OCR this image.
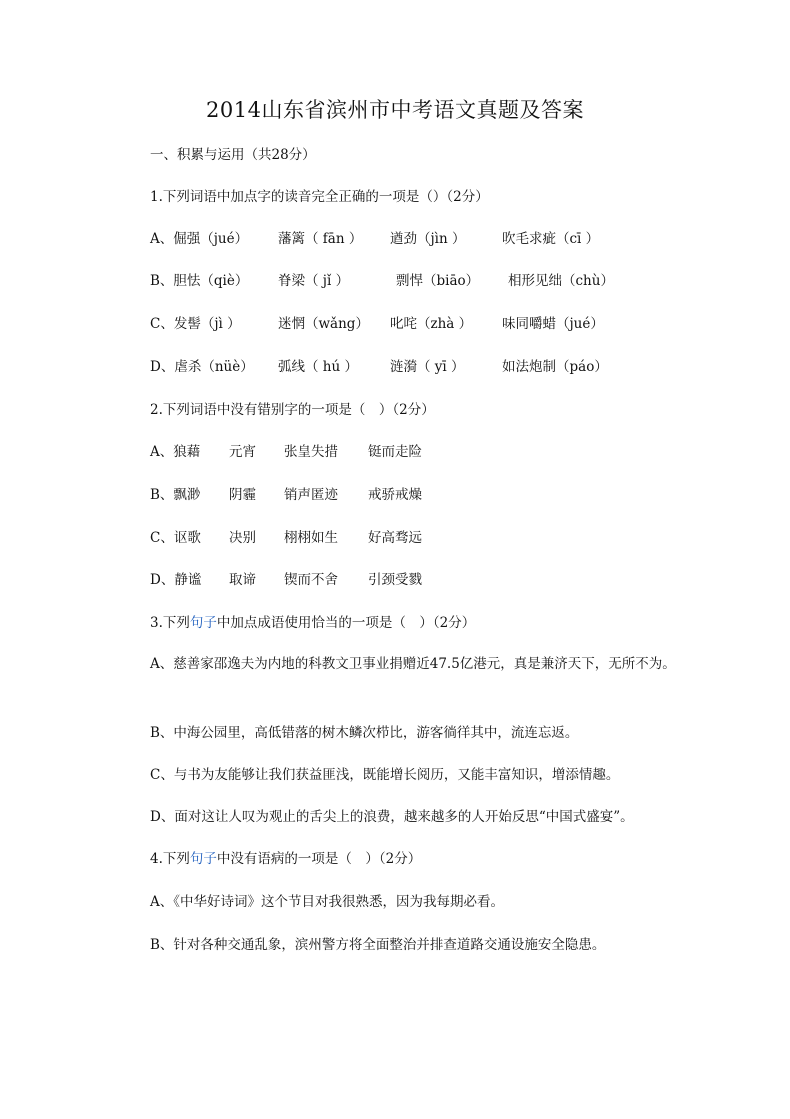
2014山东省滨州市中考语文真题及答案
一、积累与运用（共28分）
1.下列词语中加点字的读音完全正确的一项是（）（2分）
A、倔强（jué） 藩篱（ fān ） 遒劲（jìn ）	吹毛求疵（cī ）
B、胆怯（qiè） 脊梁（ jǐ ）	剽悍（biāo） 相形见绌（chù）
C、发髻（jì ）	迷惘（wǎng） 叱咤（zhà ） 味同嚼蜡（jué）
D、虐杀（nüè） 弧线（ hú ） 涟漪（ yī ）	如法炮制（páo）
2.下列词语中没有错别字的一项是（　）（2分）
A、狼藉 元宵 张皇失措 铤而走险
B、飘渺 阴霾 销声匿迹 戒骄戒燥
C、讴歌 决别 栩栩如生 好高骛远
D、静谧 取谛 锲而不舍 引颈受戮
3.下列句子中加点成语使用恰当的一项是（　）（2分）
A、慈善家邵逸夫为内地的科教文卫事业捐赠近47.5亿港元，真是兼济天下，无所不为。
B、中海公园里，高低错落的树木鳞次栉比，游客徜徉其中，流连忘返。
C、与书为友能够让我们获益匪浅，既能增长阅历，又能丰富知识，增添情趣。
D、面对这让人叹为观止的舌尖上的浪费，越来越多的人开始反思“中国式盛宴”。
4.下列句子中没有语病的一项是（　）（2分）
A、《中华好诗词》这个节目对我很熟悉，因为我每期必看。
B、针对各种交通乱象，滨州警方将全面整治并排查道路交通设施安全隐患。
